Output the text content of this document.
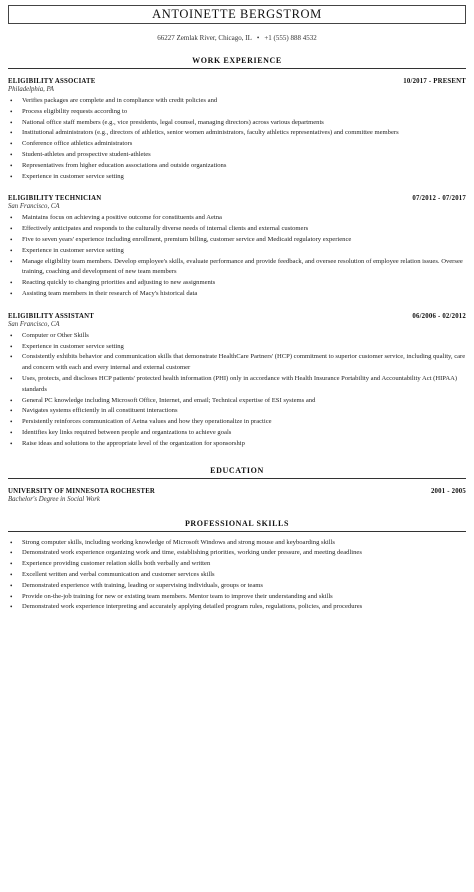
ANTOINETTE BERGSTROM
66227 Zemlak River, Chicago, IL • +1 (555) 888 4532
WORK EXPERIENCE
ELIGIBILITY ASSOCIATE	10/2017 - PRESENT
Philadelphia, PA
• Verifies packages are complete and in compliance with credit policies and
• Process eligibility requests according to
• National office staff members (e.g., vice presidents, legal counsel, managing directors) across various departments
• Institutional administrators (e.g., directors of athletics, senior women administrators, faculty athletics representatives) and committee members
• Conference office athletics administrators
• Student-athletes and prospective student-athletes
• Representatives from higher education associations and outside organizations
• Experience in customer service setting
ELIGIBILITY TECHNICIAN	07/2012 - 07/2017
San Francisco, CA
• Maintains focus on achieving a positive outcome for constituents and Aetna
• Effectively anticipates and responds to the culturally diverse needs of internal clients and external customers
• Five to seven years' experience including enrollment, premium billing, customer service and Medicaid regulatory experience
• Experience in customer service setting
• Manage eligibility team members. Develop employee's skills, evaluate performance and provide feedback, and oversee resolution of employee relation issues. Oversee training, coaching and development of new team members
• Reacting quickly to changing priorities and adjusting to new assignments
• Assisting team members in their research of Macy's historical data
ELIGIBILITY ASSISTANT	06/2006 - 02/2012
San Francisco, CA
• Computer or Other Skills
• Experience in customer service setting
• Consistently exhibits behavior and communication skills that demonstrate HealthCare Partners' (HCP) commitment to superior customer service, including quality, care and concern with each and every internal and external customer
• Uses, protects, and discloses HCP patients' protected health information (PHI) only in accordance with Health Insurance Portability and Accountability Act (HIPAA) standards
• General PC knowledge including Microsoft Office, Internet, and email; Technical expertise of ESI systems and
• Navigates systems efficiently in all constituent interactions
• Persistently reinforces communication of Aetna values and how they operationalize in practice
• Identifies key links required between people and organizations to achieve goals
• Raise ideas and solutions to the appropriate level of the organization for sponsorship
EDUCATION
UNIVERSITY OF MINNESOTA ROCHESTER	2001 - 2005
Bachelor's Degree in Social Work
PROFESSIONAL SKILLS
• Strong computer skills, including working knowledge of Microsoft Windows and strong mouse and keyboarding skills
• Demonstrated work experience organizing work and time, establishing priorities, working under pressure, and meeting deadlines
• Experience providing customer relation skills both verbally and written
• Excellent written and verbal communication and customer services skills
• Demonstrated experience with training, leading or supervising individuals, groups or teams
• Provide on-the-job training for new or existing team members. Mentor team to improve their understanding and skills
• Demonstrated work experience interpreting and accurately applying detailed program rules, regulations, policies, and procedures
